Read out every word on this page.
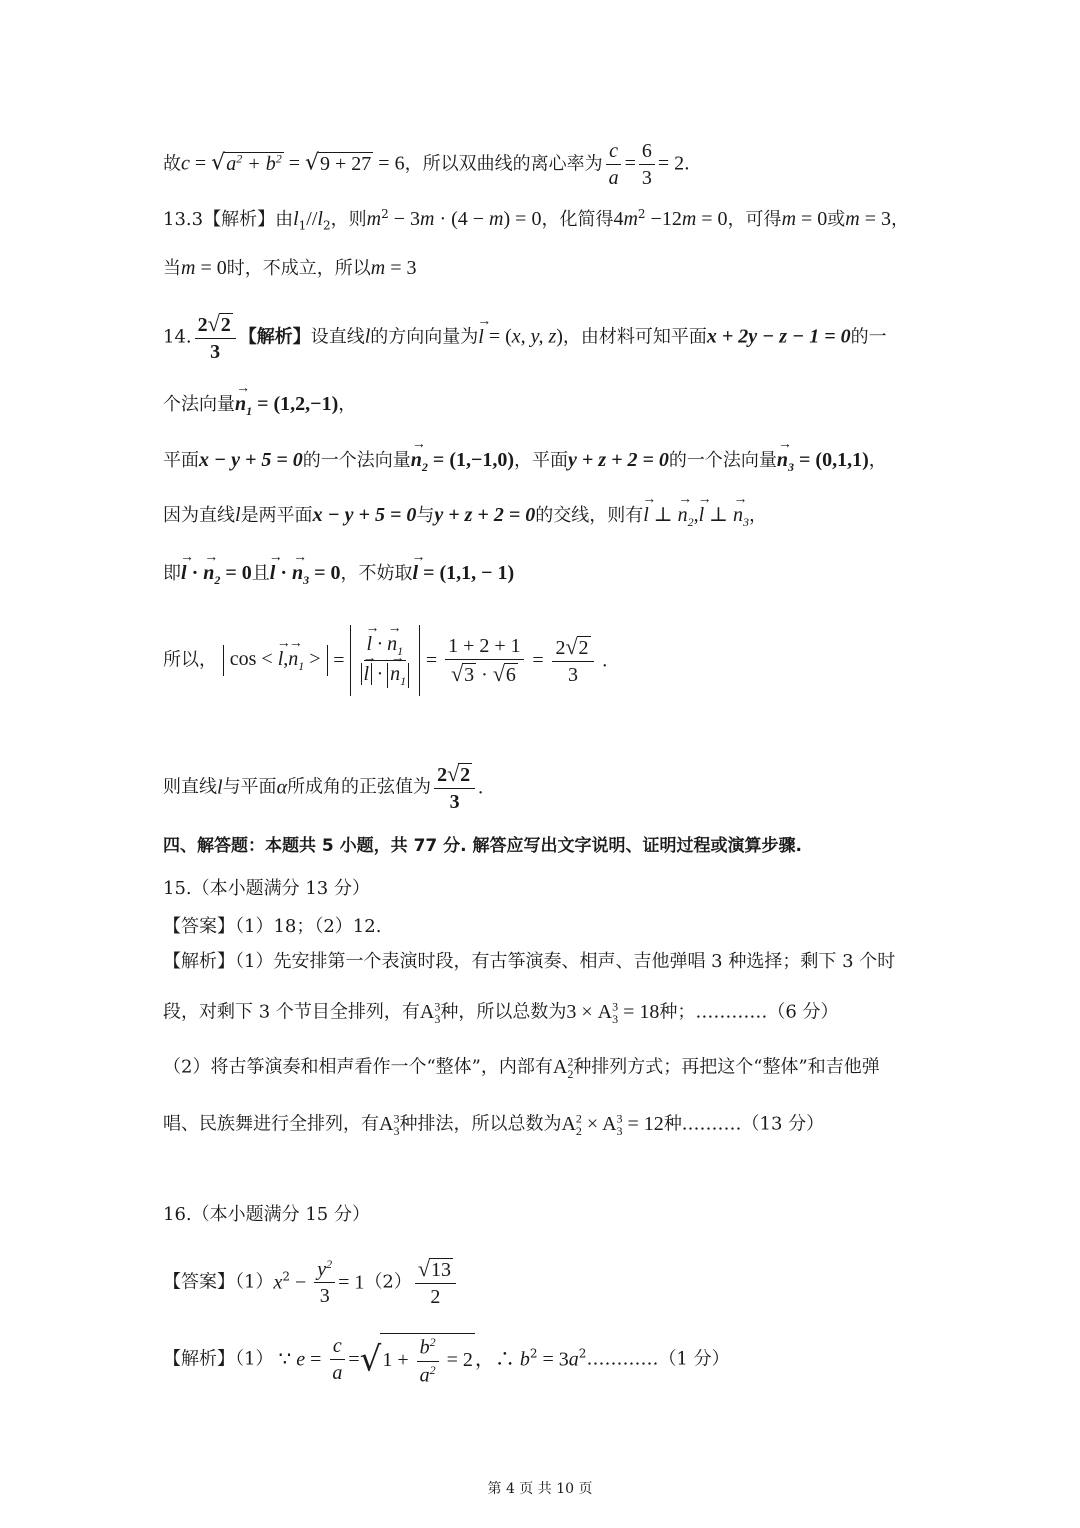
故$c = √a^2 + b^2 = √9 + 27 = 6$，所以双曲线的离心率为 $\frac{c}{a} = \frac{6}{3} = 2$．
13.3【解析】由$l_1//l_2$，则$m^2 - 3m \cdot (4 - m) = 0$，化简得$4m^2 -12m = 0$，可得m = 0或m = 3，
当m = 0时，不成立，所以m = 3
14. $\frac{2√2}{3}$ 【解析】设直线l的方向向量为→ l = (x, y, z)，由材料可知平面x + 2y − z − 1 = 0的一
个法向量→ $n_1 = (1,2,-1)$，
平面x − y + 5 = 0的一个法向量→ $n_2 = (1,-1,0)$，平面y + z + 2 = 0的一个法向量→ $n_3 = (0,1,1)$，
因为直线l是两平面x − y + 5 = 0与y + z + 2 = 0的交线，则有→ l ⊥ → $n_2,\to l$ ⊥ → $n_3$，
即→ l · → $n_2 = 0$且→ l · → $n_3 = 0$，不妨取→ l = (1,1, − 1)
所以， cos < → $l,\to n_1$ > = → l · → $n_1$
→ l · → $n_1 = \frac{1 + 2 + 1}{√3 \cdot √6} = \frac{2√2}{3}$ .
则直线l与平面α所成角的正弦值为 $\frac{2√2}{3}$ .
四、解答题：本题共 5 小题，共 77 分. 解答应写出文字说明、证明过程或演算步骤.
15.（本小题满分 13 分）
【答案】（1）18；（2）12.
【解析】（1）先安排第一个表演时段，有古筝演奏、相声、吉他弹唱 3 种选择；剩下 3 个时
段，对剩下 3 个节目全排列，有$A^3_3$种，所以总数为$3 \times A^3_3 = 18$种；…………（6 分）
（2）将古筝演奏和相声看作一个“整体”，内部有$A^2_2$种排列方式；再把这个“整体”和吉他弹
唱、民族舞进行全排列，有$A^3_3$种排法，所以总数为$A^2_2 \times A^3_3 = 12$种.………（13 分）
16.（本小题满分 15 分）
【答案】$(1)x^2 - \frac{y^2}{3} = 1(2) \frac{√13}{2}$
【解析】（1） ∵ $e = \frac{c}{a} =√1 + \frac{b^2}{a^2} = 2$ ，∴ $b^2$ = $3a^2\dots\dots\dots\dots(1$ 分）
第 4 页 共 10 页
